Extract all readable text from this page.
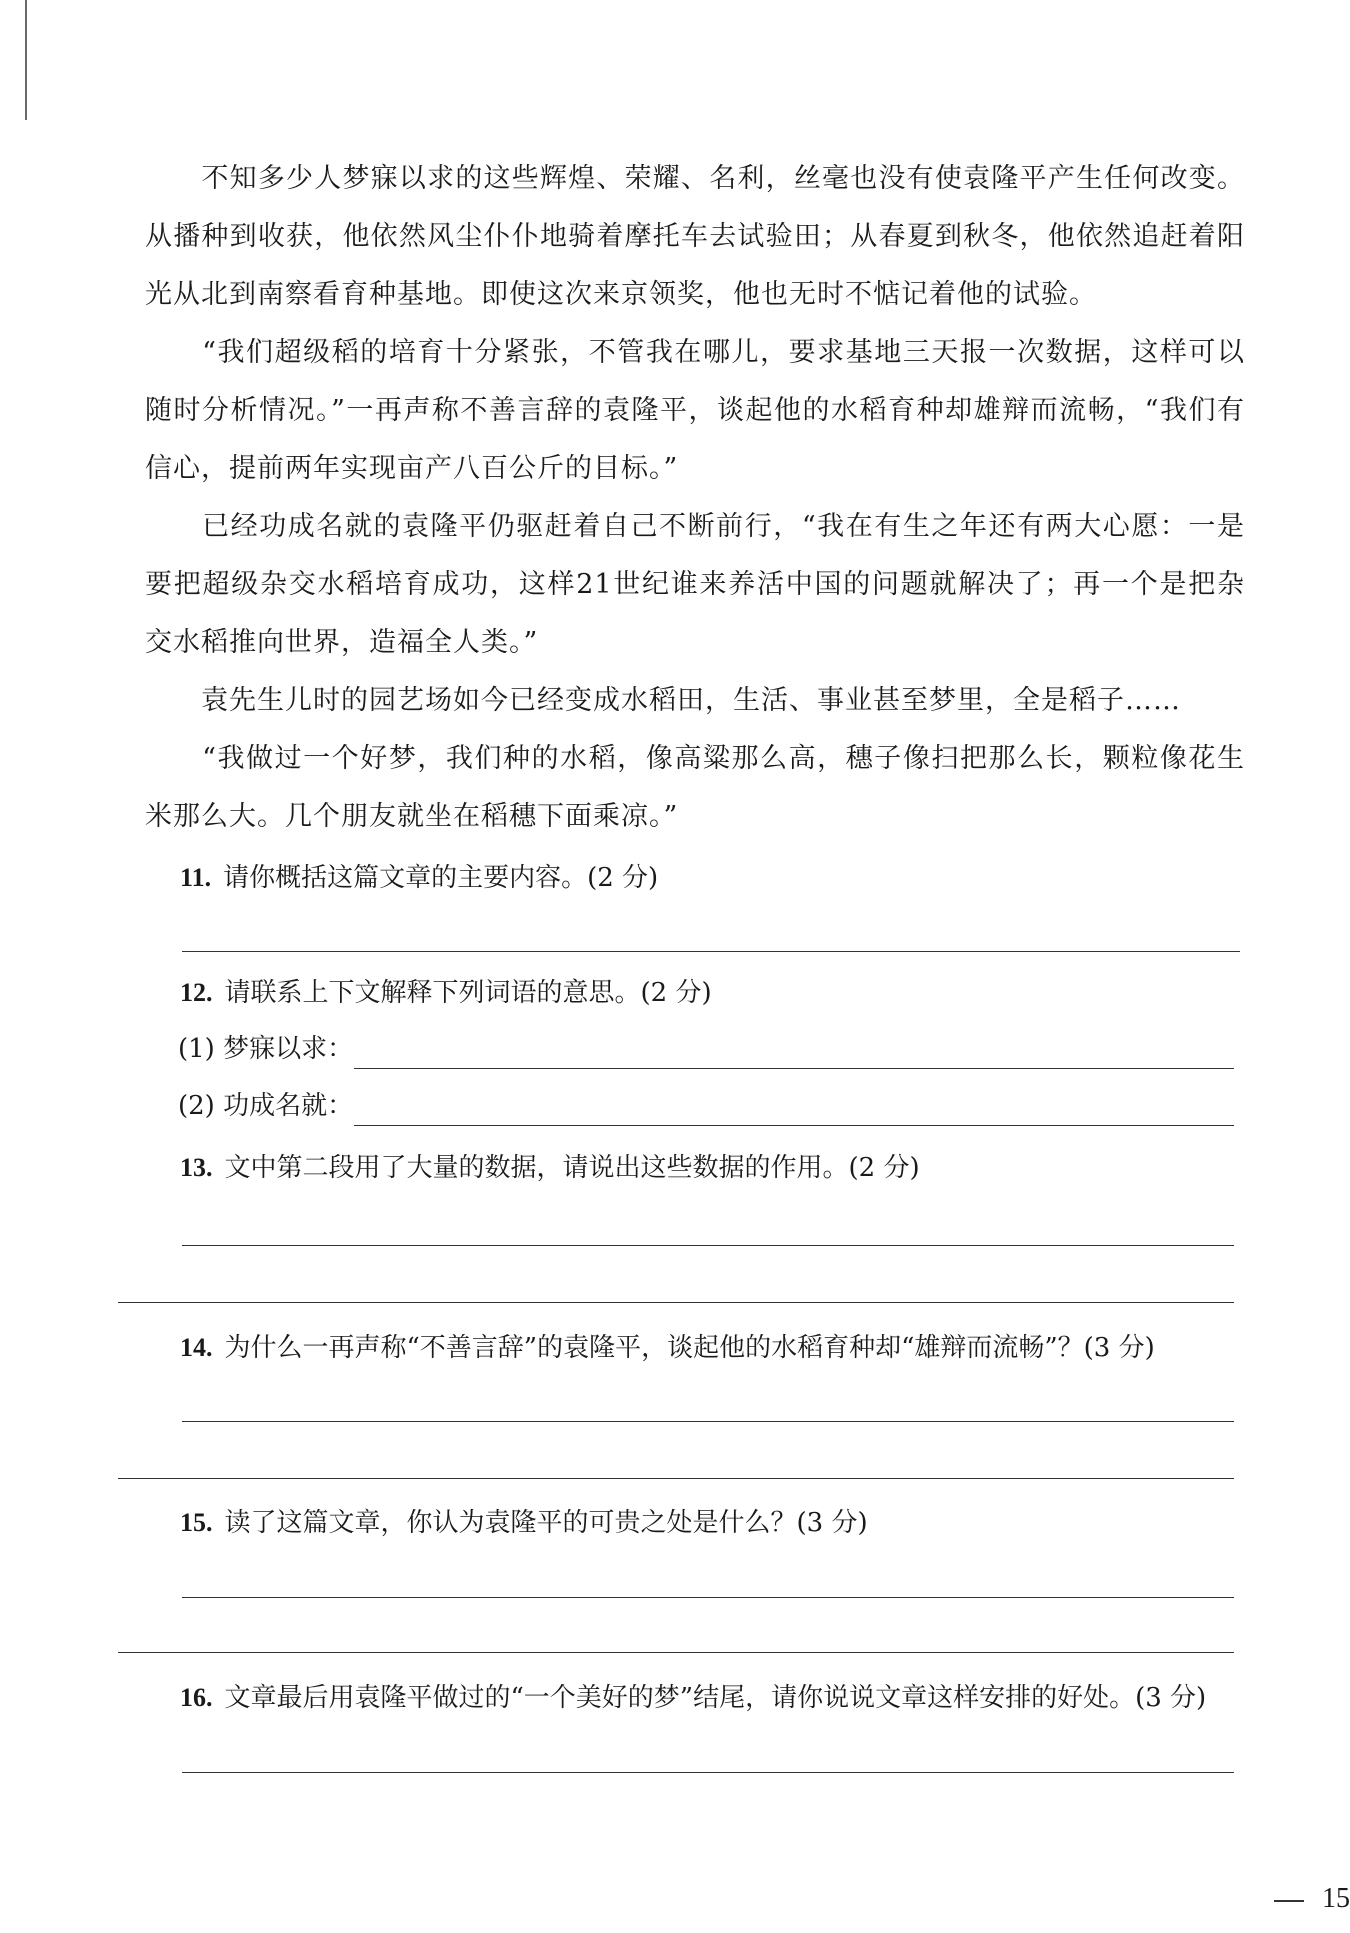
　　不知多少人梦寐以求的这些辉煌、荣耀、名利，丝毫也没有使袁隆平产生任何改变。从播种到收获，他依然风尘仆仆地骑着摩托车去试验田；从春夏到秋冬，他依然追赶着阳光从北到南察看育种基地。即使这次来京领奖，他也无时不惦记着他的试验。

　　“我们超级稻的培育十分紧张，不管我在哪儿，要求基地三天报一次数据，这样可以随时分析情况。”一再声称不善言辞的袁隆平，谈起他的水稻育种却雄辩而流畅，“我们有信心，提前两年实现亩产八百公斤的目标。”

　　已经功成名就的袁隆平仍驱赶着自己不断前行，“我在有生之年还有两大心愿：一是要把超级杂交水稻培育成功，这样21世纪谁来养活中国的问题就解决了；再一个是把杂交水稻推向世界，造福全人类。”

　　袁先生儿时的园艺场如今已经变成水稻田，生活、事业甚至梦里，全是稻子……

　　“我做过一个好梦，我们种的水稻，像高粱那么高，穗子像扫把那么长，颗粒像花生米那么大。几个朋友就坐在稻穗下面乘凉。”

11. 请你概括这篇文章的主要内容。(2 分)
12. 请联系上下文解释下列词语的意思。(2 分)
(1) 梦寐以求：
(2) 功成名就：
13. 文中第二段用了大量的数据，请说出这些数据的作用。(2 分)
14. 为什么一再声称“不善言辞”的袁隆平，谈起他的水稻育种却“雄辩而流畅”？(3 分)
15. 读了这篇文章，你认为袁隆平的可贵之处是什么？(3 分)
16. 文章最后用袁隆平做过的“一个美好的梦”结尾，请你说说文章这样安排的好处。(3 分)
15
